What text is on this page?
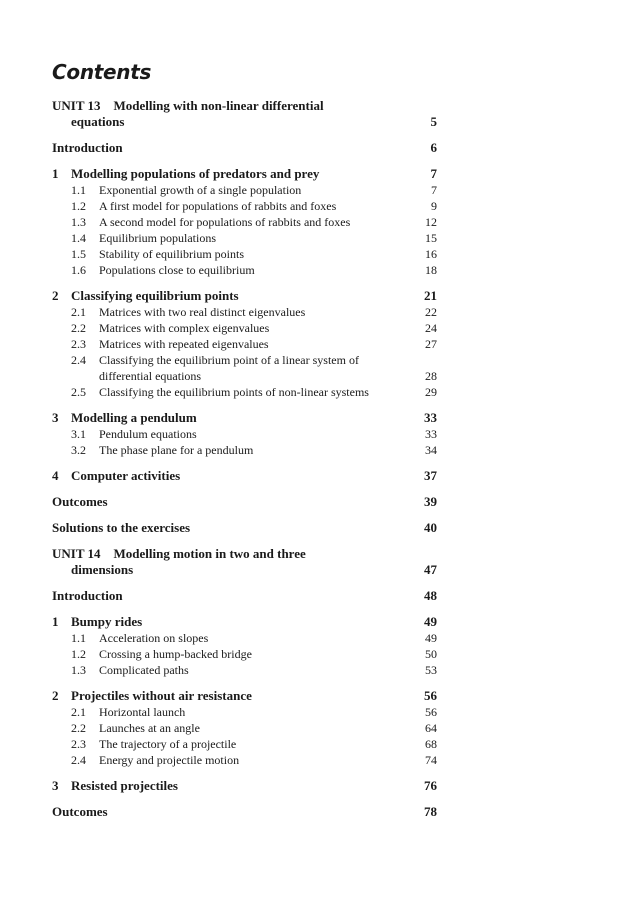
Contents
UNIT 13    Modelling with non-linear differential
equations	5
Introduction	6
1 Modelling populations of predators and prey	7
1.1 Exponential growth of a single population	7
1.2 A first model for populations of rabbits and foxes	9
1.3 A second model for populations of rabbits and foxes	12
1.4 Equilibrium populations	15
1.5 Stability of equilibrium points	16
1.6 Populations close to equilibrium	18
2 Classifying equilibrium points	21
2.1 Matrices with two real distinct eigenvalues	22
2.2 Matrices with complex eigenvalues	24
2.3 Matrices with repeated eigenvalues	27
2.4 Classifying the equilibrium point of a linear system of differential equations	28
2.5 Classifying the equilibrium points of non-linear systems	29
3 Modelling a pendulum	33
3.1 Pendulum equations	33
3.2 The phase plane for a pendulum	34
4 Computer activities	37
Outcomes	39
Solutions to the exercises	40
UNIT 14    Modelling motion in two and three
dimensions	47
Introduction	48
1 Bumpy rides	49
1.1 Acceleration on slopes	49
1.2 Crossing a hump-backed bridge	50
1.3 Complicated paths	53
2 Projectiles without air resistance	56
2.1 Horizontal launch	56
2.2 Launches at an angle	64
2.3 The trajectory of a projectile	68
2.4 Energy and projectile motion	74
3 Resisted projectiles	76
Outcomes	78
